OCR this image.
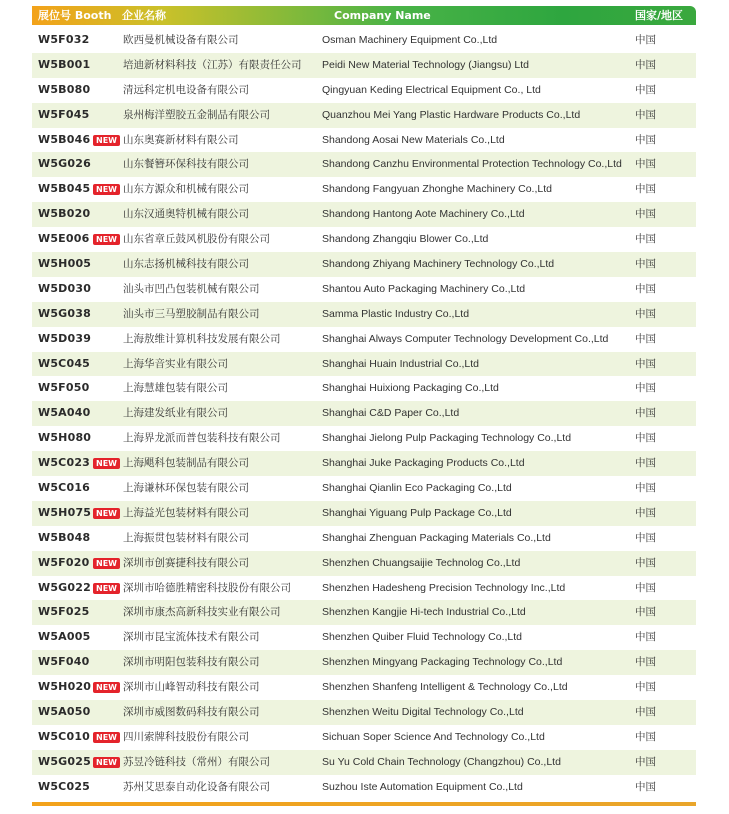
展位号 Booth 企业名称	Company Name	国家/地区
W5F032	欧西曼机械设备有限公司	Osman Machinery Equipment Co.,Ltd	中国
W5B001	培迪新材料科技（江苏）有限责任公司 Peidi New Material Technology (Jiangsu) Ltd	中国
W5B080	清远科定机电设备有限公司	Qingyuan Keding Electrical Equipment Co., Ltd	中国
W5F045	泉州梅洋塑胶五金制品有限公司	Quanzhou Mei Yang Plastic Hardware Products Co.,Ltd	中国
W5B046 NEW 山东奥赛新材料有限公司	Shandong Aosai New Materials Co.,Ltd	中国
W5G026	山东餐簪环保科技有限公司	Shandong Canzhu Environmental Protection Technology Co.,Ltd 中国
W5B045 NEW 山东方源众和机械有限公司	Shandong Fangyuan Zhonghe Machinery Co.,Ltd	中国
W5B020	山东汉通奥特机械有限公司	Shandong Hantong Aote Machinery Co.,Ltd	中国
W5E006 NEW 山东省章丘鼓风机股份有限公司	Shandong Zhangqiu Blower Co.,Ltd	中国
W5H005	山东志扬机械科技有限公司	Shandong Zhiyang Machinery Technology Co.,Ltd	中国
W5D030	汕头市凹凸包装机械有限公司	Shantou Auto Packaging Machinery Co.,Ltd	中国
W5G038	汕头市三马塑胶制品有限公司	Samma Plastic Industry Co.,Ltd	中国
W5D039	上海敖维计算机科技发展有限公司	Shanghai Always Computer Technology Development Co.,Ltd	中国
W5C045	上海华音实业有限公司	Shanghai Huain Industrial Co.,Ltd	中国
W5F050	上海慧雄包装有限公司	Shanghai Huixiong Packaging Co.,Ltd	中国
W5A040	上海建发纸业有限公司	Shanghai C&D Paper Co.,Ltd	中国
W5H080	上海界龙派而普包装科技有限公司	Shanghai Jielong Pulp Packaging Technology Co.,Ltd	中国
W5C023 NEW 上海飓科包装制品有限公司	Shanghai Juke Packaging Products Co.,Ltd	中国
W5C016	上海谦林环保包装有限公司	Shanghai Qianlin Eco Packaging Co.,Ltd	中国
W5H075 NEW 上海益光包装材料有限公司	Shanghai Yiguang Pulp Package Co.,Ltd	中国
W5B048	上海振贯包装材料有限公司	Shanghai Zhenguan Packaging Materials Co.,Ltd	中国
W5F020 NEW 深圳市创赛捷科技有限公司	Shenzhen Chuangsaijie Technolog Co.,Ltd	中国
W5G022 NEW 深圳市哈德胜精密科技股份有限公司	Shenzhen Hadesheng Precision Technology Inc.,Ltd	中国
W5F025	深圳市康杰高新科技实业有限公司	Shenzhen Kangjie Hi-tech Industrial Co.,Ltd	中国
W5A005	深圳市昆宝流体技术有限公司	Shenzhen Quiber Fluid Technology Co.,Ltd	中国
W5F040	深圳市明阳包装科技有限公司	Shenzhen Mingyang Packaging Technology Co.,Ltd	中国
W5H020 NEW 深圳市山峰智动科技有限公司	Shenzhen Shanfeng Intelligent & Technology Co.,Ltd	中国
W5A050	深圳市威图数码科技有限公司	Shenzhen Weitu Digital Technology Co.,Ltd	中国
W5C010 NEW 四川索牌科技股份有限公司	Sichuan Soper Science And Technology Co.,Ltd	中国
W5G025 NEW 苏昱冷链科技（常州）有限公司	Su Yu Cold Chain Technology (Changzhou) Co.,Ltd	中国
W5C025	苏州艾思泰自动化设备有限公司	Suzhou Iste Automation Equipment Co.,Ltd	中国
